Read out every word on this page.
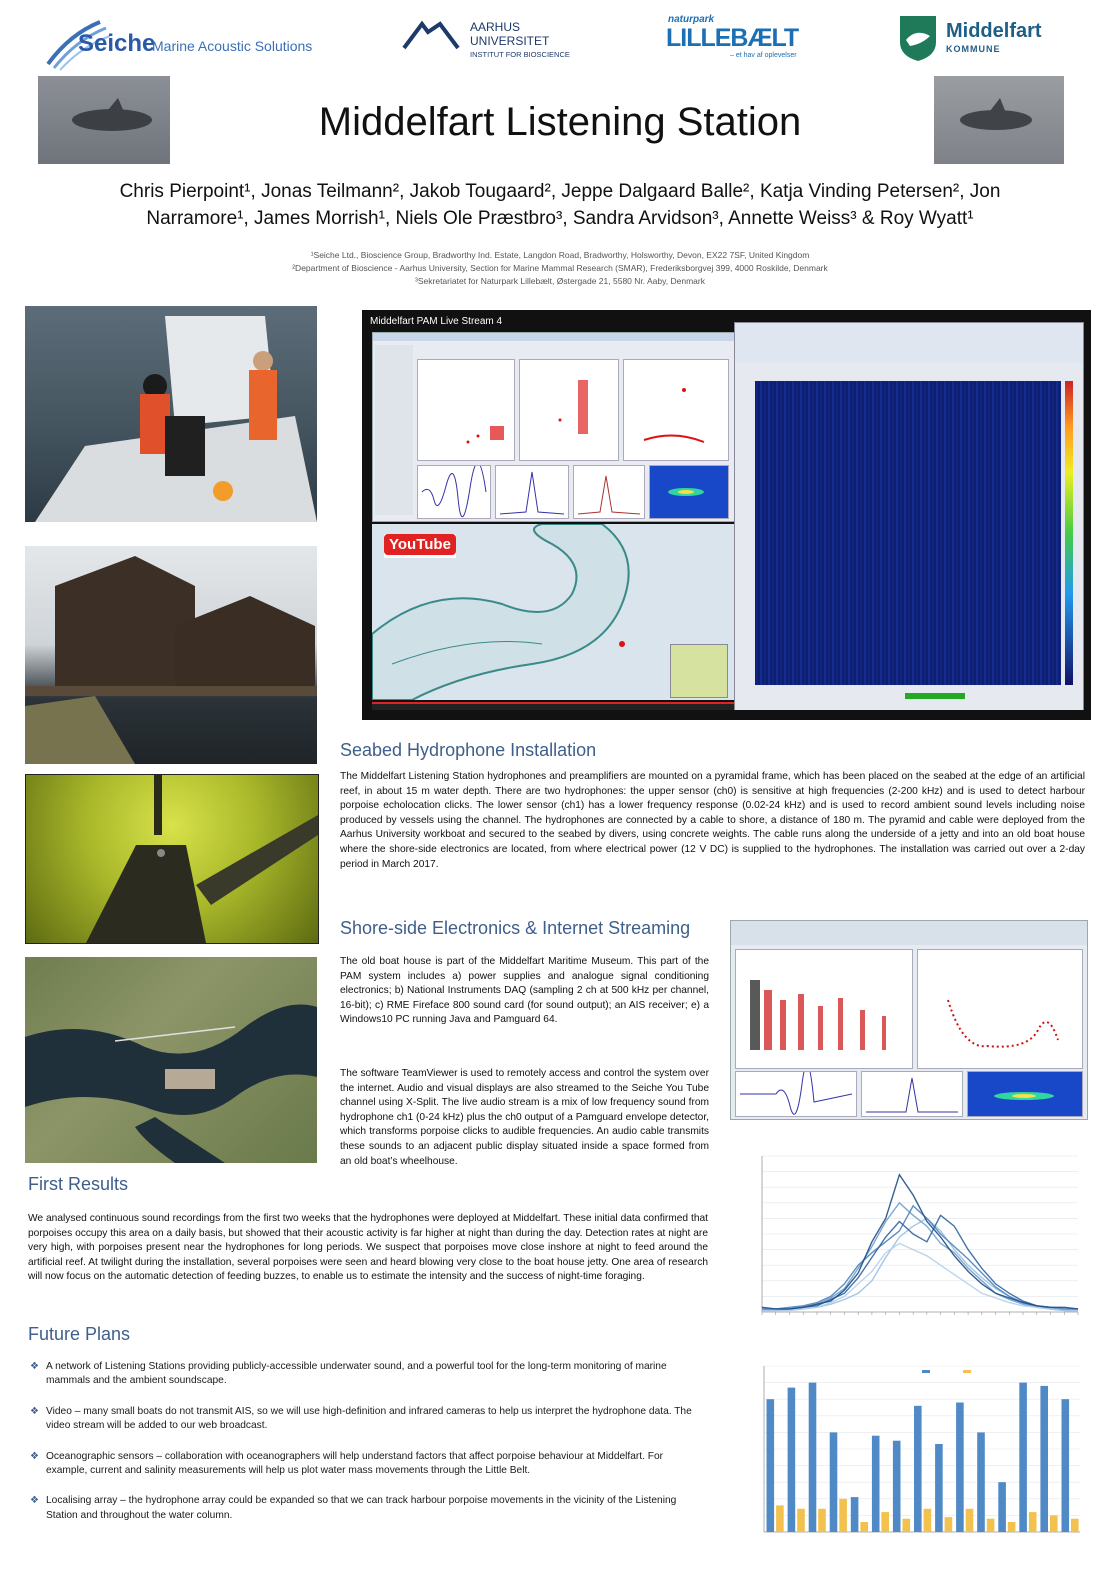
Seiche
Marine Acoustic Solutions
AARHUS
UNIVERSITET
INSTITUT FOR BIOSCIENCE
naturpark
LILLEBÆLT
– et hav af oplevelser
Middelfart
KOMMUNE
Middelfart Listening Station
Chris Pierpoint¹, Jonas Teilmann², Jakob Tougaard², Jeppe Dalgaard Balle², Katja Vinding Petersen², Jon
Narramore¹, James Morrish¹, Niels Ole Præstbro³, Sandra Arvidson³, Annette Weiss³ & Roy Wyatt¹
¹Seiche Ltd., Bioscience Group, Bradworthy Ind. Estate, Langdon Road, Bradworthy, Holsworthy, Devon, EX22 7SF, United Kingdom
²Department of Bioscience - Aarhus University, Section for Marine Mammal Research (SMAR), Frederiksborgvej 399, 4000 Roskilde, Denmark
³Sekretariatet for Naturpark Lillebælt, Østergade 21, 5580 Nr. Aaby, Denmark
Middelfart PAM Live Stream 4
YouTube
Seabed Hydrophone Installation

The Middelfart Listening Station hydrophones and preamplifiers are mounted on a pyramidal frame, which has been placed on the seabed at the edge of an artificial reef, in about 15 m water depth. There are two hydrophones: the upper sensor (ch0) is sensitive at high frequencies (2-200 kHz) and is used to detect harbour porpoise echolocation clicks. The lower sensor (ch1) has a lower frequency response (0.02-24 kHz) and is used to record ambient sound levels including noise produced by vessels using the channel. The hydrophones are connected by a cable to shore, a distance of 180 m. The pyramid and cable were deployed from the Aarhus University workboat and secured to the seabed by divers, using concrete weights. The cable runs along the underside of a jetty and into an old boat house where the shore-side electronics are located, from where electrical power (12 V DC) is supplied to the hydrophones. The installation was carried out over a 2-day period in March 2017.

Shore-side Electronics & Internet Streaming

The old boat house is part of the Middelfart Maritime Museum. This part of the PAM system includes a) power supplies and analogue signal conditioning electronics; b) National Instruments DAQ (sampling 2 ch at 500 kHz per channel, 16-bit); c) RME Fireface 800 sound card (for sound output); an AIS receiver; e) a Windows10 PC running Java and Pamguard 64.

The software TeamViewer is used to remotely access and control the system over the internet. Audio and visual displays are also streamed to the Seiche You Tube channel using X-Split. The live audio stream is a mix of low frequency sound from hydrophone ch1 (0-24 kHz) plus the ch0 output of a Pamguard envelope detector, which transforms porpoise clicks to audible frequencies. An audio cable transmits these sounds to an adjacent public display situated inside a space formed from an old boat’s wheelhouse.

First Results

We analysed continuous sound recordings from the first two weeks that the hydrophones were deployed at Middelfart. These initial data confirmed that porpoises occupy this area on a daily basis, but showed that their acoustic activity is far higher at night than during the day. Detection rates at night are very high, with porpoises present near the hydrophones for long periods. We suspect that porpoises move close inshore at night to feed around the artificial reef. At twilight during the installation, several porpoises were seen and heard blowing very close to the boat house jetty. One area of research will now focus on the automatic detection of feeding buzzes, to enable us to estimate the intensity and the success of night-time foraging.

Future Plans
❖ A network of Listening Stations providing publicly-accessible underwater sound, and a powerful tool for the long-term monitoring of marine mammals and the ambient soundscape.
❖ Video – many small boats do not transmit AIS, so we will use high-definition and infrared cameras to help us interpret the hydrophone data. The video stream will be added to our web broadcast.
❖ Oceanographic sensors – collaboration with oceanographers will help understand factors that affect porpoise behaviour at Middelfart. For example, current and salinity measurements will help us plot water mass movements through the Little Belt.
❖ Localising array – the hydrophone array could be expanded so that we can track harbour porpoise movements in the vicinity of the Listening Station and throughout the water column.
